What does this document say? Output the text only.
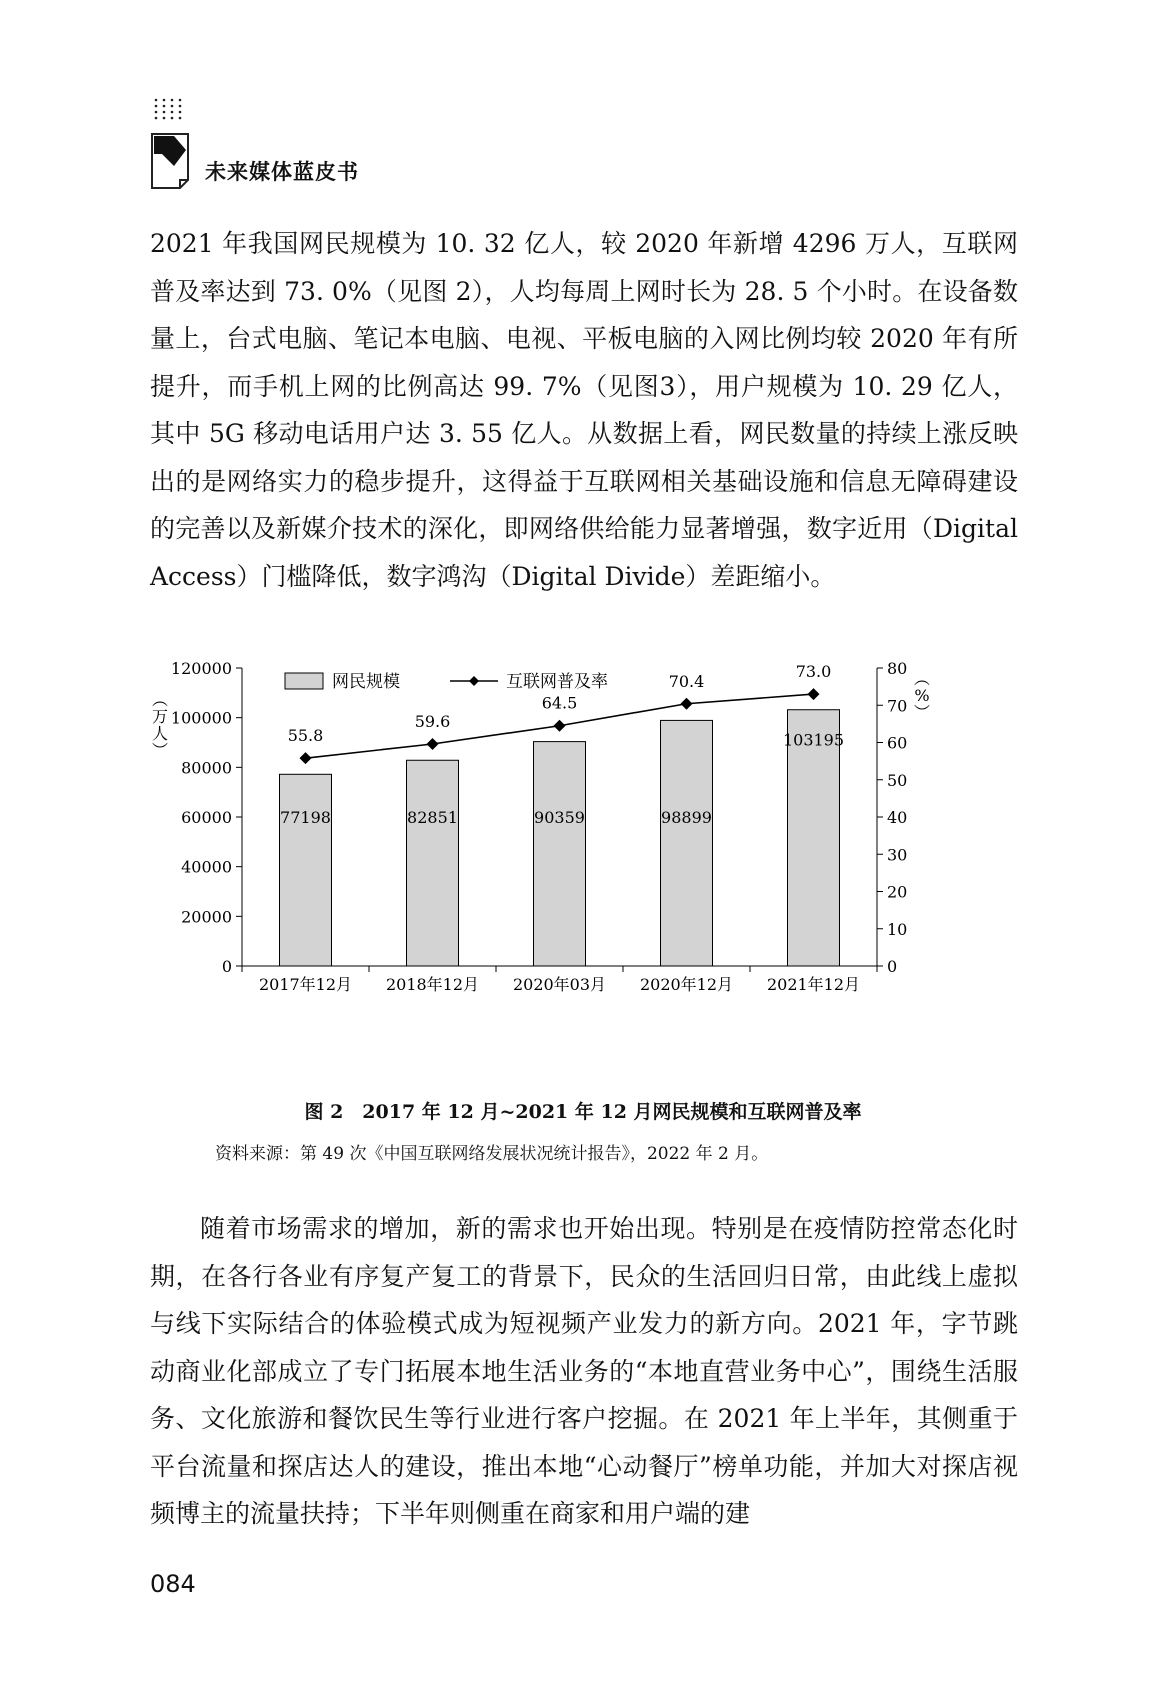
未来媒体蓝皮书

2021 年我国网民规模为 10. 32 亿人，较 2020 年新增 4296 万人，互联网普及率达到 73. 0%（见图 2），人均每周上网时长为 28. 5 个小时。在设备数量上，台式电脑、笔记本电脑、电视、平板电脑的入网比例均较 2020 年有所提升，而手机上网的比例高达 99. 7%（见图3），用户规模为 10. 29 亿人，其中 5G 移动电话用户达 3. 55 亿人。从数据上看，网民数量的持续上涨反映出的是网络实力的稳步提升，这得益于互联网相关基础设施和信息无障碍建设的完善以及新媒介技术的深化，即网络供给能力显著增强，数字近用（Digital Access）门槛降低，数字鸿沟（Digital Divide）差距缩小。

网民规模	互联网普及率
0
20000
40000
60000
80000
100000
120000
0
10
20
30
40
50
60
70
80
2017年12月 2018年12月 2020年03月 2020年12月 2021年12月
︵万人︶
︵ % ︶
77198	82851	90359	98899
103195
55.8
59.6
64.5
70.4
73.0
图 2　2017 年 12 月~2021 年 12 月网民规模和互联网普及率
资料来源：第 49 次《中国互联网络发展状况统计报告》，2022 年 2 月。

随着市场需求的增加，新的需求也开始出现。特别是在疫情防控常态化时期，在各行各业有序复产复工的背景下，民众的生活回归日常，由此线上虚拟与线下实际结合的体验模式成为短视频产业发力的新方向。2021 年，字节跳动商业化部成立了专门拓展本地生活业务的“本地直营业务中心”，围绕生活服务、文化旅游和餐饮民生等行业进行客户挖掘。在 2021 年上半年，其侧重于平台流量和探店达人的建设，推出本地“心动餐厅”榜单功能，并加大对探店视频博主的流量扶持；下半年则侧重在商家和用户端的建

084
